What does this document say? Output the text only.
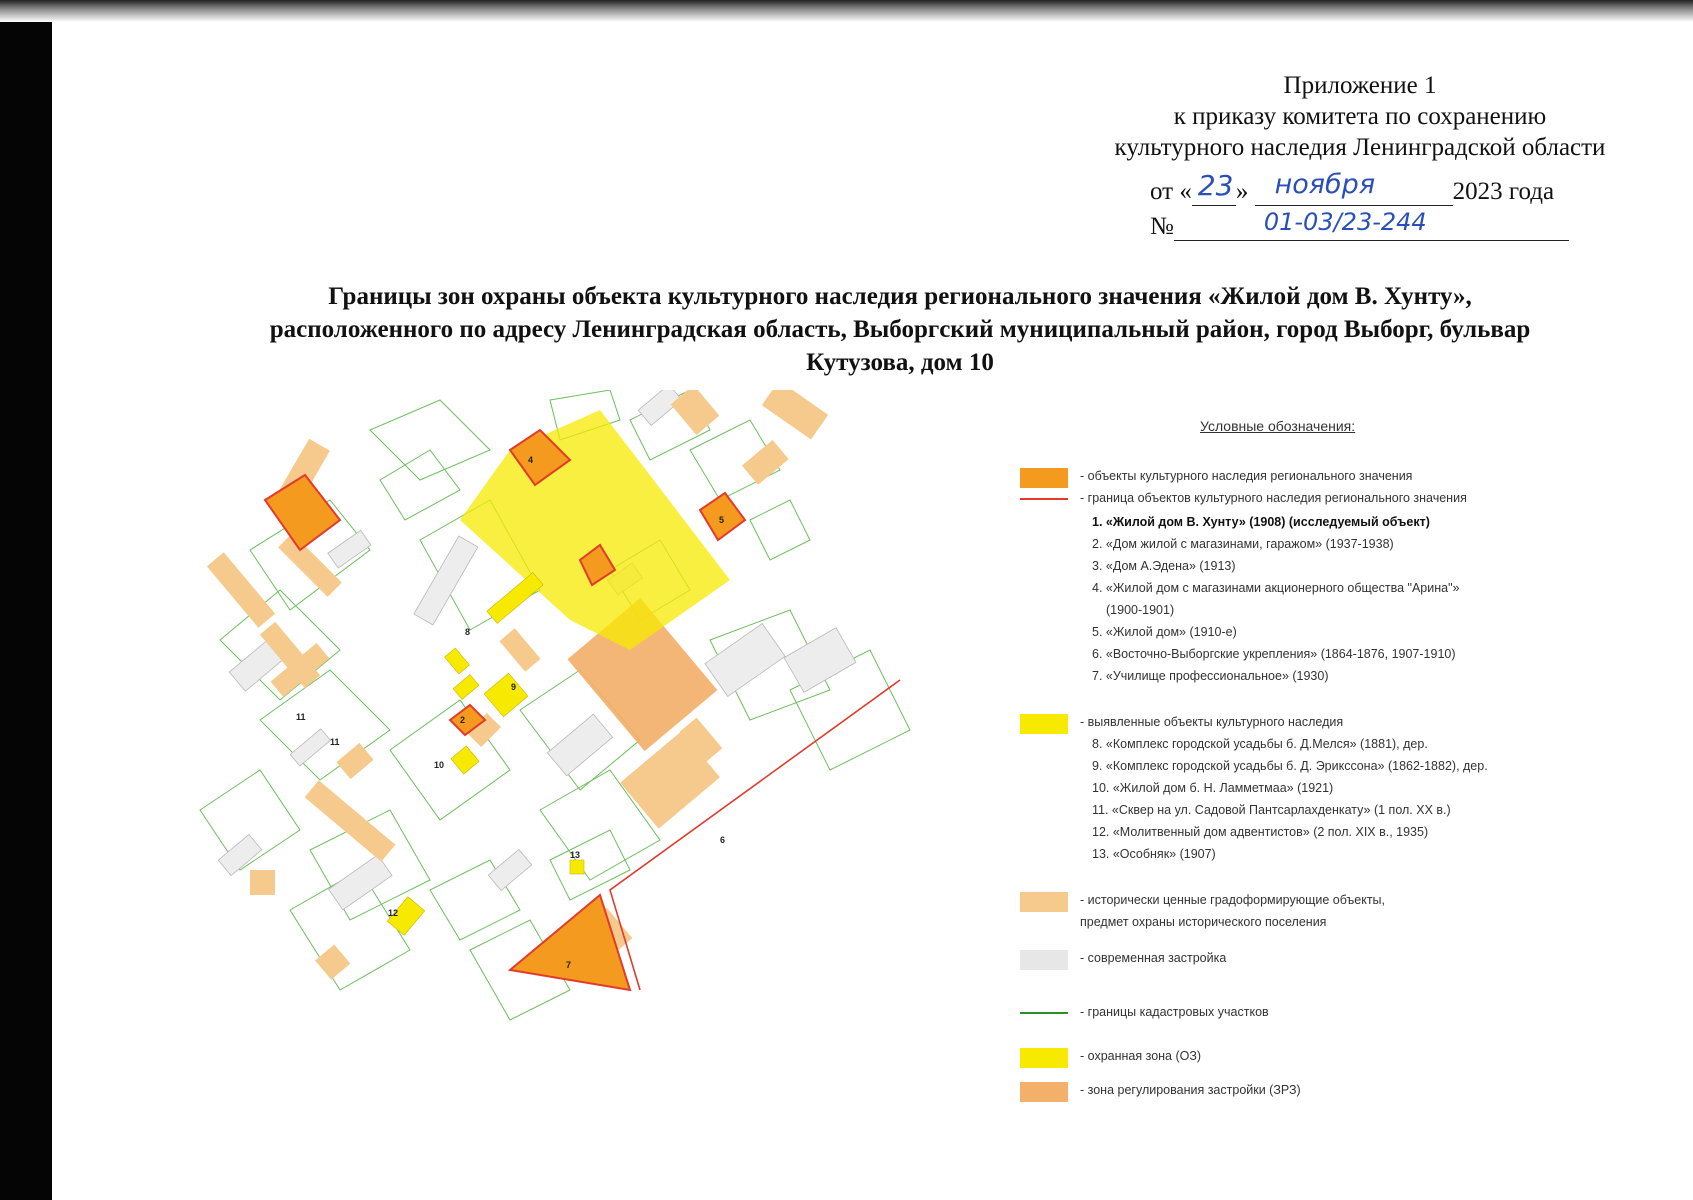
Приложение 1
к приказу комитета по сохранению
культурного наследия Ленинградской области
от « 23 » ноября	2023 года
№	01-03/23-244
Границы зон охраны объекта культурного наследия регионального значения «Жилой дом В. Хунту»,
расположенного по адресу Ленинградская область, Выборгский муниципальный район, город Выборг, бульвар
Кутузова, дом 10
4
5
6
7
8
9
2
10
11
11
12
13
Условные обозначения:
- объекты культурного наследия регионального значения
- граница объектов культурного наследия регионального значения
1. «Жилой дом В. Хунту» (1908) (исследуемый объект)
2. «Дом жилой с магазинами, гаражом» (1937-1938)
3. «Дом А.Эдена» (1913)
4. «Жилой дом с магазинами акционерного общества "Арина"»
(1900-1901)
5. «Жилой дом» (1910-е)
6. «Восточно-Выборгские укрепления» (1864-1876, 1907-1910)
7. «Училище профессиональное» (1930)
- выявленные объекты культурного наследия
8. «Комплекс городской усадьбы б. Д.Мелся» (1881), дер.
9. «Комплекс городской усадьбы б. Д. Эриксcона» (1862-1882), дер.
10. «Жилой дом б. Н. Ламметмаа» (1921)
11. «Сквер на ул. Садовой Пантсарлахденкату» (1 пол. XX в.)
12. «Молитвенный дом адвентистов» (2 пол. XIX в., 1935)
13. «Особняк» (1907)
- исторически ценные градоформирующие объекты,
предмет охраны исторического поселения
- современная застройка
- границы кадастровых участков
- охранная зона (ОЗ)
- зона регулирования застройки (ЗРЗ)
